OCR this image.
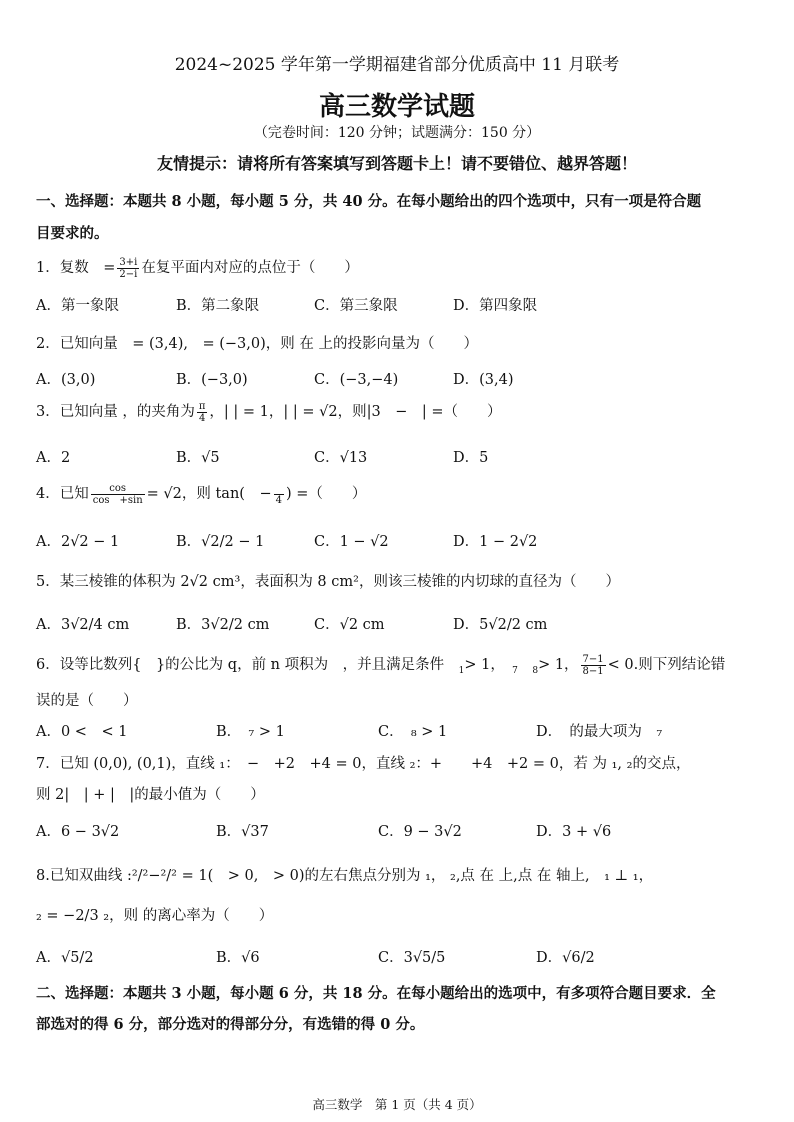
2024~2025 学年第一学期福建省部分优质高中 11 月联考
高三数学试题
（完卷时间：120 分钟；试题满分：150 分）
友情提示：请将所有答案填写到答题卡上！请不要错位、越界答题！
一、选择题：本题共 8 小题，每小题 5 分，共 40 分。在每小题给出的四个选项中，只有一项是符合题
目要求的。
1．复数　= $\frac{3+i}{2-i}$ 在复平面内对应的点位于（　　）
A．第一象限	B．第二象限	C．第三象限	D．第四象限
2．已知向量　= (3,4),　= (−3,0)，则 在 上的投影向量为（　　）
A．(3,0)	B．(−3,0)	C．(−3,−4)	D．(3,4)
3．已知向量 ，的夹角为 $\frac{\pi}{4}$ ，| | = 1，| | = √2，则|3　−　| =（　　）
A．2	B．√5	C．√13	D．5
4．已知 $\frac{\cos}{\cos +\sin} = √2$，则 tan(　−
4 ) =（　　）
A．2√2 − 1	B．√2/2 − 1	C．1 − √2	D．1 − 2√2
5．某三棱锥的体积为 2√2 cm³，表面积为 8 cm²，则该三棱锥的内切球的直径为（　　）
A．3√2/4 cm	B．3√2/2 cm	C．√2 cm	D．5√2/2 cm
6．设等比数列{　}的公比为 q，前 n 项积为　，并且满足条件　$_1$> 1，　 $_7$　 $_8$> 1， $\frac{7-1}{8-1} < 0$.则下列结论错
误的是（　　）
A．0 <　< 1	B．　₇ > 1	C．　₈ > 1	D．　的最大项为　₇
7．已知 (0,0), (0,1)，直线 ₁：　−　+2　+4 = 0，直线 ₂：+　　+4　+2 = 0，若 为 ₁, ₂的交点，
则 2|　| + |　|的最小值为（　　）
A．6 − 3√2	B．√37	C．9 − 3√2	D．3 + √6
8.已知双曲线 :²/²−²/² = 1(　> 0,　> 0)的左右焦点分别为 ₁， ₂,点 在 上,点 在 轴上,　₁ ⊥ ₁，
₂ = −2/3 ₂，则 的离心率为（　　）
A．√5/2	B．√6	C．3√5/5	D．√6/2
二、选择题：本题共 3 小题，每小题 6 分，共 18 分。在每小题给出的选项中，有多项符合题目要求．全
部选对的得 6 分，部分选对的得部分分，有选错的得 0 分。
高三数学　第 1 页（共 4 页）
